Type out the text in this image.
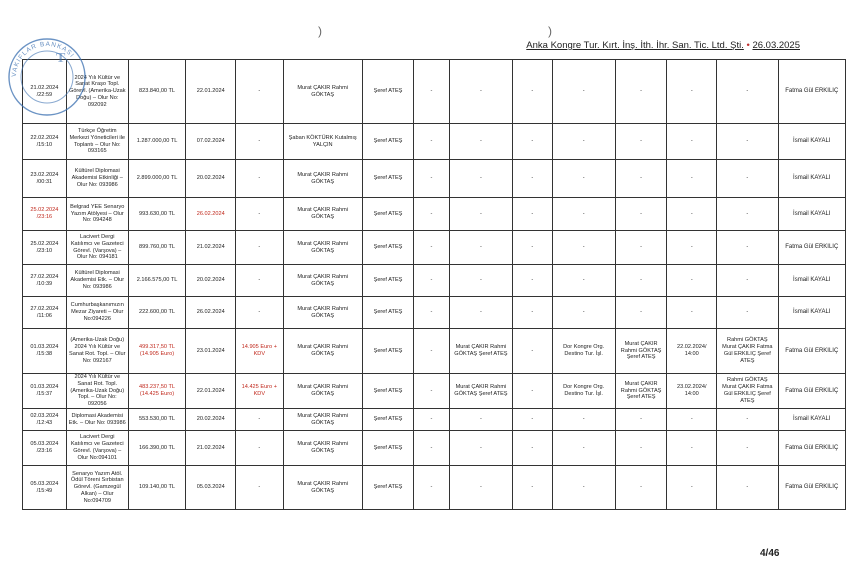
)	)
Anka Kongre Tur. Kırt. İnş. İth. İhr. San. Tic. Ltd. Şti. • 26.03.2025
21.02.2024 /22:59	2024 Yılı Kültür ve Sanat Kraşo Topl. Görevl. (Amerika-Uzak Doğu) – Olur No: 092092	823.840,00 TL	22.01.2024	-	Murat ÇAKIR Rahmi GÖKTAŞ	Şeref ATEŞ	-	-	-	-	-	-	-	Fatma Gül ERKILIÇ
22.02.2024 /15:10	Türkçe Öğretim Merkezi Yöneticileri ile Toplantı – Olur No: 093165	1.287.000,00 TL	07.02.2024	-	Şaban KÖKTÜRK Kutalmış YALÇIN	Şeref ATEŞ	-	-	-	-	-	-	-	İsmail KAYALI
23.02.2024 /00:31	Kültürel Diplomasi Akademisi Etkinliği – Olur No: 093986	2.899.000,00 TL	20.02.2024	-	Murat ÇAKIR Rahmi GÖKTAŞ	Şeref ATEŞ	-	-	-	-	-	-	-	İsmail KAYALI
25.02.2024 /23:16	Belgrad YEE Senaryo Yazım Atölyesi – Olur No: 094248	993.630,00 TL	26.02.2024	-	Murat ÇAKIR Rahmi GÖKTAŞ	Şeref ATEŞ	-	-	-	-	-	-	-	İsmail KAYALI
25.02.2024 /23:10	Lacivert Dergi Katılımcı ve Gazeteci Görevl. (Varşova) – Olur No: 094181	899.760,00 TL	21.02.2024	-	Murat ÇAKIR Rahmi GÖKTAŞ	Şeref ATEŞ	-	-	-	-	-	-	-	Fatma Gül ERKILIÇ
27.02.2024 /10:39	Kültürel Diplomasi Akademisi Etk. – Olur No: 093986	2.166.575,00 TL	20.02.2024	-	Murat ÇAKIR Rahmi GÖKTAŞ	Şeref ATEŞ	-	-	-	-	-	-	-	İsmail KAYALI
27.02.2024 /11:06	Cumhurbaşkanımızın Mezar Ziyareti – Olur No:094226	222.600,00 TL	26.02.2024	-	Murat ÇAKIR Rahmi GÖKTAŞ	Şeref ATEŞ	-	-	-	-	-	-	-	İsmail KAYALI
01.03.2024 /15:38	(Amerika-Uzak Doğu) 2024 Yılı Kültür ve Sanat Rot. Topl. – Olur No: 092167	499.317,50 TL (14.905 Euro)	23.01.2024	14.905 Euro + KDV	Murat ÇAKIR Rahmi GÖKTAŞ	Şeref ATEŞ	-	Murat ÇAKIR Rahmi GÖKTAŞ Şeref ATEŞ	-	Dor Kongre Org. Destino Tur. İşl.	Murat ÇAKIR Rahmi GÖKTAŞ Şeref ATEŞ	22.02.2024/ 14:00	Rahmi GÖKTAŞ Murat ÇAKIR Fatma Gül ERKILIÇ Şeref ATEŞ	Fatma Gül ERKILIÇ
01.03.2024 /15:37	2024 Yılı Kültür ve Sanat Rot. Topl. (Amerika-Uzak Doğu) Topl. – Olur No: 092056	483.237,50 TL (14.425 Euro)	22.01.2024	14.425 Euro + KDV	Murat ÇAKIR Rahmi GÖKTAŞ	Şeref ATEŞ	-	Murat ÇAKIR Rahmi GÖKTAŞ Şeref ATEŞ	-	Dor Kongre Org. Destino Tur. İşl.	Murat ÇAKIR Rahmi GÖKTAŞ Şeref ATEŞ	23.02.2024/ 14:00	Rahmi GÖKTAŞ Murat ÇAKIR Fatma Gül ERKILIÇ Şeref ATEŞ	Fatma Gül ERKILIÇ
02.03.2024 /12:43	Diplomasi Akademisi Etk. – Olur No: 093986	553.530,00 TL	20.02.2024	-	Murat ÇAKIR Rahmi GÖKTAŞ	Şeref ATEŞ	-	-	-	-	-	-	-	İsmail KAYALI
05.03.2024 /23:16	Lacivert Dergi Katılımcı ve Gazeteci Görevl. (Varşova) – Olur No:094101	166.390,00 TL	21.02.2024	-	Murat ÇAKIR Rahmi GÖKTAŞ	Şeref ATEŞ	-	-	-	-	-	-	-	Fatma Gül ERKILIÇ
05.03.2024 /15:49	Senaryo Yazım Atöl. Ödül Töreni Sırbistan Görevl. (Gamzegül Alkan) – Olur No:094709	109.140,00 TL	05.03.2024	-	Murat ÇAKIR Rahmi GÖKTAŞ	Şeref ATEŞ	-	-	-	-	-	-	-	Fatma Gül ERKILIÇ
VAKIFLAR BANKASI
T
4/46
